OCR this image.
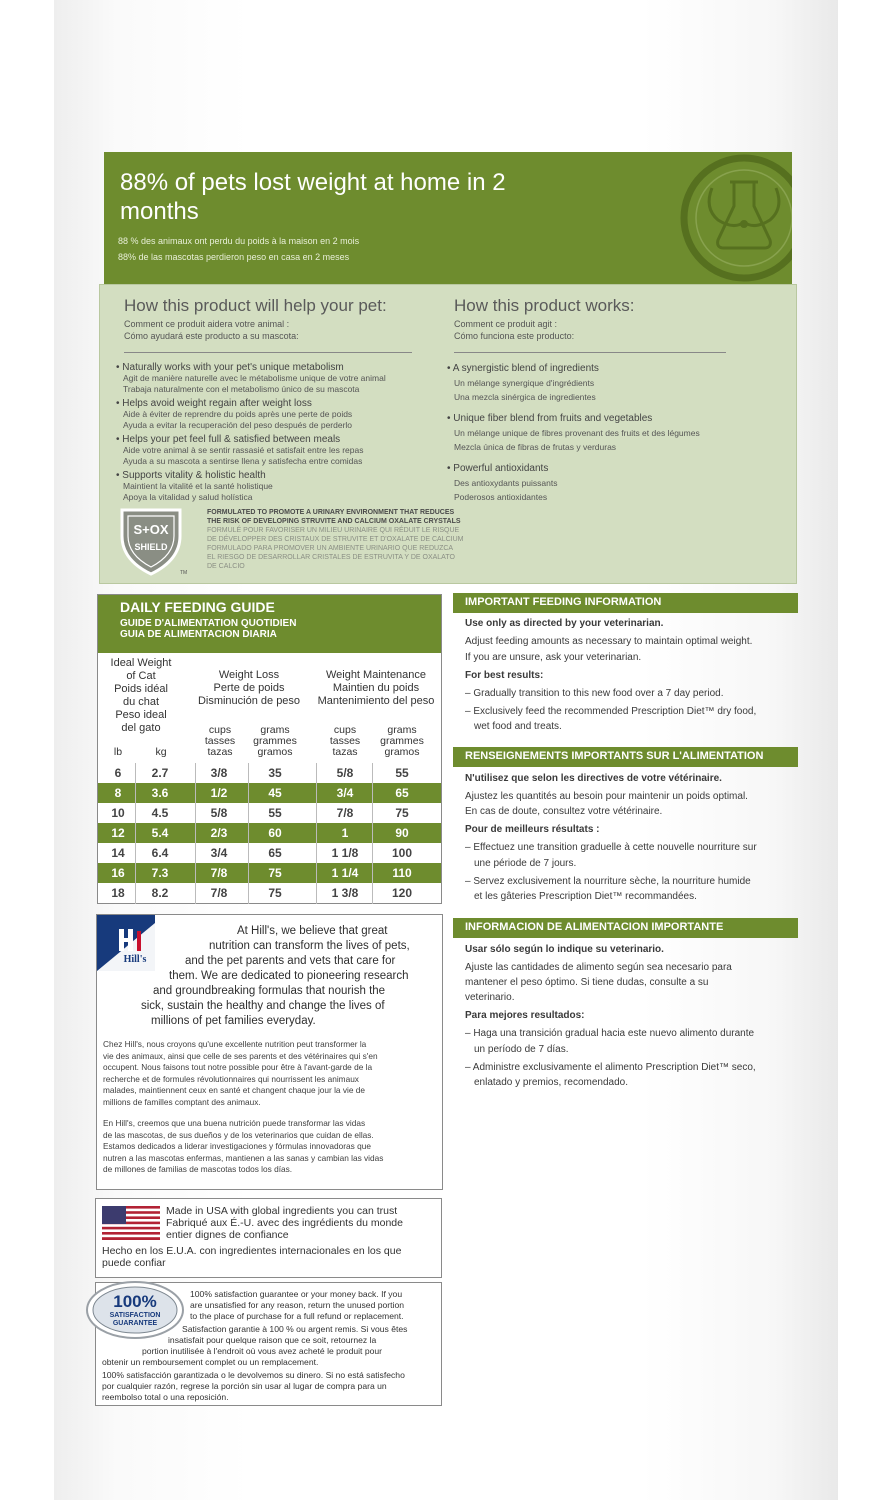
88% of pets lost weight at home in 2 months
88 % des animaux ont perdu du poids à la maison en 2 mois
88% de las mascotas perdieron peso en casa en 2 meses
How this product will help your pet:
Comment ce produit aidera votre animal :
Cómo ayudará este producto a su mascota:
• Naturally works with your pet's unique metabolism
Agit de manière naturelle avec le métabolisme unique de votre animal
Trabaja naturalmente con el metabolismo único de su mascota
• Helps avoid weight regain after weight loss
Aide à éviter de reprendre du poids après une perte de poids
Ayuda a evitar la recuperación del peso después de perderlo
• Helps your pet feel full & satisfied between meals
Aide votre animal à se sentir rassasié et satisfait entre les repas
Ayuda a su mascota a sentirse llena y satisfecha entre comidas
• Supports vitality & holistic health
Maintient la vitalité et la santé holistique
Apoya la vitalidad y salud holística
How this product works:
Comment ce produit agit :
Cómo funciona este producto:
• A synergistic blend of ingredients
Un mélange synergique d'ingrédients
Una mezcla sinérgica de ingredientes
• Unique fiber blend from fruits and vegetables
Un mélange unique de fibres provenant des fruits et des légumes
Mezcla única de fibras de frutas y verduras
• Powerful antioxidants
Des antioxydants puissants
Poderosos antioxidantes
S+OX
SHIELD
TM
FORMULATED TO PROMOTE A URINARY ENVIRONMENT THAT REDUCES
THE RISK OF DEVELOPING STRUVITE AND CALCIUM OXALATE CRYSTALS
FORMULÉ POUR FAVORISER UN MILIEU URINAIRE QUI RÉDUIT LE RISQUE
DE DÉVELOPPER DES CRISTAUX DE STRUVITE ET D'OXALATE DE CALCIUM
FORMULADO PARA PROMOVER UN AMBIENTE URINARIO QUE REDUZCA
EL RIESGO DE DESARROLLAR CRISTALES DE ESTRUVITA Y DE OXALATO
DE CALCIO
DAILY FEEDING GUIDE
GUIDE D'ALIMENTATION QUOTIDIEN
GUIA DE ALIMENTACION DIARIA
Ideal Weight
of Cat
Poids idéal
du chat
Peso ideal
del gato
Weight Loss
Perte de poids
Disminución de peso
Weight Maintenance
Maintien du poids
Mantenimiento del peso
lb	kg
cups
tasses
tazas
grams
grammes
gramos
cups
tasses
tazas
grams
grammes
gramos
6	2.7	3/8	35	5/8	55
8	3.6	1/2	45	3/4	65
10	4.5	5/8	55	7/8	75
12	5.4	2/3	60	1	90
14	6.4	3/4	65	1 1/8	100
16	7.3	7/8	75	1 1/4	110
18	8.2	7/8	75	1 3/8	120
Hill's
At Hill's, we believe that great
nutrition can transform the lives of pets,
and the pet parents and vets that care for
them. We are dedicated to pioneering research
and groundbreaking formulas that nourish the
sick, sustain the healthy and change the lives of
millions of pet families everyday.
Chez Hill's, nous croyons qu'une excellente nutrition peut transformer la
vie des animaux, ainsi que celle de ses parents et des vétérinaires qui s'en
occupent. Nous faisons tout notre possible pour être à l'avant-garde de la
recherche et de formules révolutionnaires qui nourrissent les animaux
malades, maintiennent ceux en santé et changent chaque jour la vie de
millions de familles comptant des animaux.
En Hill's, creemos que una buena nutrición puede transformar las vidas
de las mascotas, de sus dueños y de los veterinarios que cuidan de ellas.
Estamos dedicados a liderar investigaciones y fórmulas innovadoras que
nutren a las mascotas enfermas, mantienen a las sanas y cambian las vidas
de millones de familias de mascotas todos los días.
Made in USA with global ingredients you can trust
Fabriqué aux É.-U. avec des ingrédients du monde
entier dignes de confiance
Hecho en los E.U.A. con ingredientes internacionales en los que
puede confiar
100%
SATISFACTION
GUARANTEE
100% satisfaction guarantee or your money back. If you
are unsatisfied for any reason, return the unused portion
to the place of purchase for a full refund or replacement.
Satisfaction garantie à 100 % ou argent remis. Si vous êtes
insatisfait pour quelque raison que ce soit, retournez la
portion inutilisée à l'endroit où vous avez acheté le produit pour
obtenir un remboursement complet ou un remplacement.
100% satisfacción garantizada o le devolvemos su dinero. Si no está satisfecho
por cualquier razón, regrese la porción sin usar al lugar de compra para un
reembolso total o una reposición.
IMPORTANT FEEDING INFORMATION
Use only as directed by your veterinarian.
Adjust feeding amounts as necessary to maintain optimal weight.
If you are unsure, ask your veterinarian.
For best results:
– Gradually transition to this new food over a 7 day period.
– Exclusively feed the recommended Prescription Diet™ dry food,
wet food and treats.
RENSEIGNEMENTS IMPORTANTS SUR L'ALIMENTATION
N'utilisez que selon les directives de votre vétérinaire.
Ajustez les quantités au besoin pour maintenir un poids optimal.
En cas de doute, consultez votre vétérinaire.
Pour de meilleurs résultats :
– Effectuez une transition graduelle à cette nouvelle nourriture sur
une période de 7 jours.
– Servez exclusivement la nourriture sèche, la nourriture humide
et les gâteries Prescription Diet™ recommandées.
INFORMACION DE ALIMENTACION IMPORTANTE
Usar sólo según lo indique su veterinario.
Ajuste las cantidades de alimento según sea necesario para
mantener el peso óptimo. Si tiene dudas, consulte a su
veterinario.
Para mejores resultados:
– Haga una transición gradual hacia este nuevo alimento durante
un período de 7 días.
– Administre exclusivamente el alimento Prescription Diet™ seco,
enlatado y premios, recomendado.
